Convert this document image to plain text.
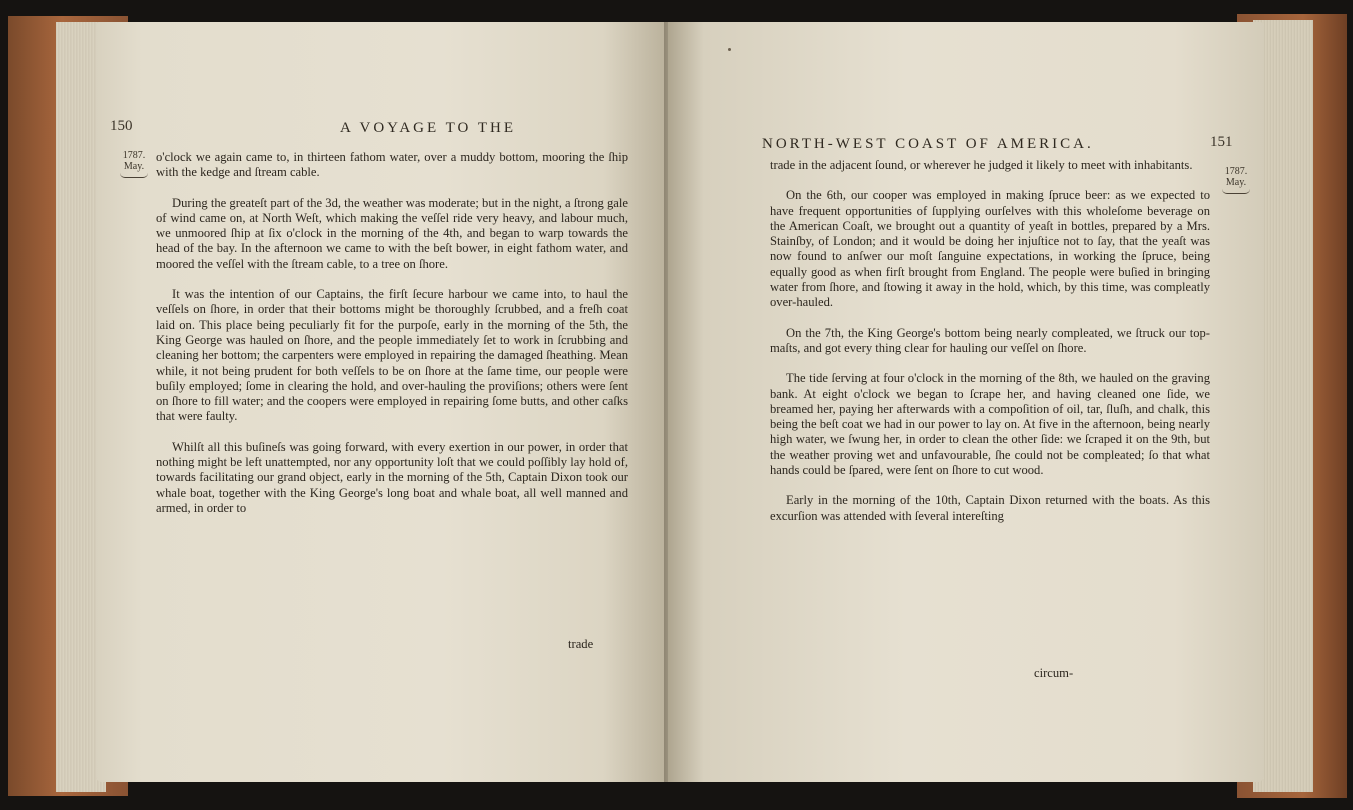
150	A VOYAGE TO THE
1787.
May.

o'clock we again came to, in thirteen fathom water, over a muddy bottom, mooring the ſhip with the kedge and ſtream cable.

During the greateſt part of the 3d, the weather was moderate; but in the night, a ſtrong gale of wind came on, at North Weſt, which making the veſſel ride very heavy, and labour much, we unmoored ſhip at ſix o'clock in the morning of the 4th, and began to warp towards the head of the bay. In the afternoon we came to with the beſt bower, in eight fathom water, and moored the veſſel with the ſtream cable, to a tree on ſhore.

It was the intention of our Captains, the firſt ſecure harbour we came into, to haul the veſſels on ſhore, in order that their bottoms might be thoroughly ſcrubbed, and a freſh coat laid on. This place being peculiarly fit for the purpoſe, early in the morning of the 5th, the King George was hauled on ſhore, and the people immediately ſet to work in ſcrubbing and cleaning her bottom; the carpenters were employed in repairing the damaged ſheathing. Mean while, it not being prudent for both veſſels to be on ſhore at the ſame time, our people were buſily employed; ſome in clearing the hold, and over-hauling the proviſions; others were ſent on ſhore to fill water; and the coopers were employed in repairing ſome butts, and other caſks that were faulty.

Whilſt all this buſineſs was going forward, with every exertion in our power, in order that nothing might be left unattempted, nor any opportunity loſt that we could poſſibly lay hold of, towards facilitating our grand object, early in the morning of the 5th, Captain Dixon took our whale boat, together with the King George's long boat and whale boat, all well manned and armed, in order to

trade
NORTH-WEST COAST OF AMERICA.	151
1787.
May.

trade in the adjacent ſound, or wherever he judged it likely to meet with inhabitants.

On the 6th, our cooper was employed in making ſpruce beer: as we expected to have frequent opportunities of ſupplying ourſelves with this wholeſome beverage on the American Coaſt, we brought out a quantity of yeaſt in bottles, prepared by a Mrs. Stainſby, of London; and it would be doing her injuſtice not to ſay, that the yeaſt was now found to anſwer our moſt ſanguine expectations, in working the ſpruce, being equally good as when firſt brought from England. The people were buſied in bringing water from ſhore, and ſtowing it away in the hold, which, by this time, was compleatly over-hauled.

On the 7th, the King George's bottom being nearly compleated, we ſtruck our top-maſts, and got every thing clear for hauling our veſſel on ſhore.

The tide ſerving at four o'clock in the morning of the 8th, we hauled on the graving bank. At eight o'clock we began to ſcrape her, and having cleaned one ſide, we breamed her, paying her afterwards with a compoſition of oil, tar, ſluſh, and chalk, this being the beſt coat we had in our power to lay on. At five in the afternoon, being nearly high water, we ſwung her, in order to clean the other ſide: we ſcraped it on the 9th, but the weather proving wet and unfavourable, ſhe could not be compleated; ſo that what hands could be ſpared, were ſent on ſhore to cut wood.

Early in the morning of the 10th, Captain Dixon returned with the boats. As this excurſion was attended with ſeveral intereſting

circum-
